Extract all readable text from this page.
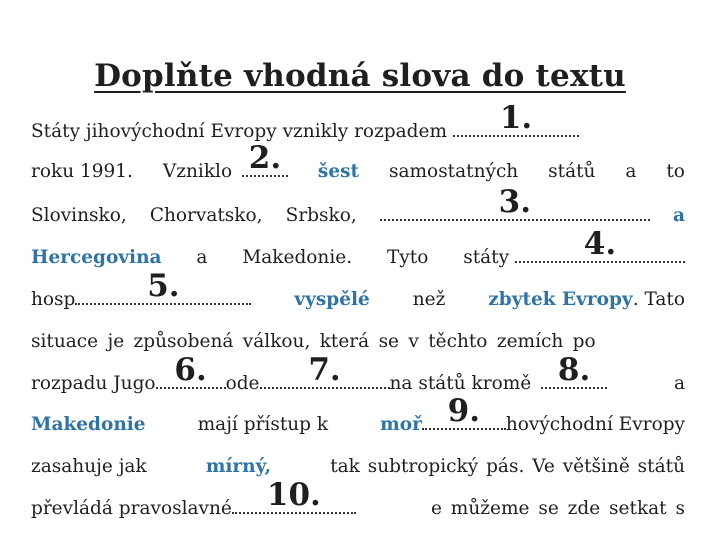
Doplňte vhodná slova do textu
Státy jihovýchodní Evropy vznikly rozpadem	1.
roku 1991. Vzniklo 2.	šest samostatných států a to
Slovinsko, Chorvatsko, Srbsko,	3.	a
Hercegovina a Makedonie. Tyto státy	4.
hosp	5.	vyspělé než zbytek Evropy. Tato
situace je způsobená válkou, která se v těchto zemích po
rozpadu Jugo 6.	ode	7.	na států kromě 8.	a
Makedonie	mají přístup k	moř 9.	hovýchodní Evropy
zasahuje jak	mírný,	tak subtropický pás. Ve většině států
převládá pravoslavné	10.	e můžeme se zde setkat s
